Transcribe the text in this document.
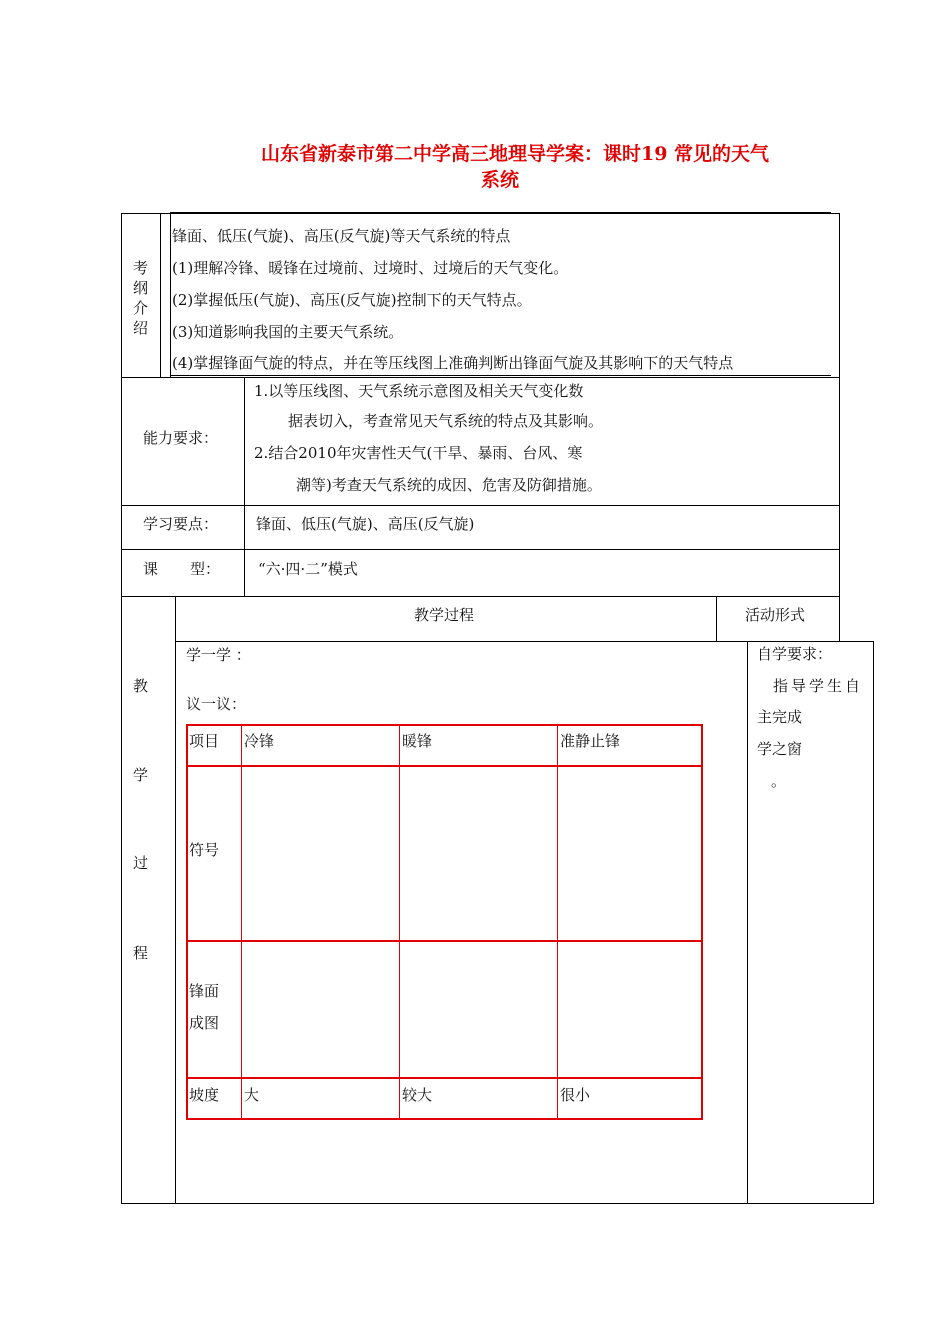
山东省新泰市第二中学高三地理导学案：课时19 常见的天气
系统
考
纲
介
绍
锋面、低压(气旋)、高压(反气旋)等天气系统的特点
(1)理解冷锋、暖锋在过境前、过境时、过境后的天气变化。
(2)掌握低压(气旋)、高压(反气旋)控制下的天气特点。
(3)知道影响我国的主要天气系统。
(4)掌握锋面气旋的特点，并在等压线图上准确判断出锋面气旋及其影响下的天气特点
能力要求：
1.以等压线图、天气系统示意图及相关天气变化数
据表切入，考查常见天气系统的特点及其影响。
2.结合2010年灾害性天气(干旱、暴雨、台风、寒
潮等)考查天气系统的成因、危害及防御措施。
学习要点：	锋面、低压(气旋)、高压(反气旋)
课 型：	“六·四·二”模式
教
学
过
程
教学过程	活动形式
学一学 ：
议一议：
自学要求：
指导学生自
主完成
学之窗
。
项目 冷锋	暖锋	准静止锋
符号
锋面
成图
坡度 大	较大	很小
